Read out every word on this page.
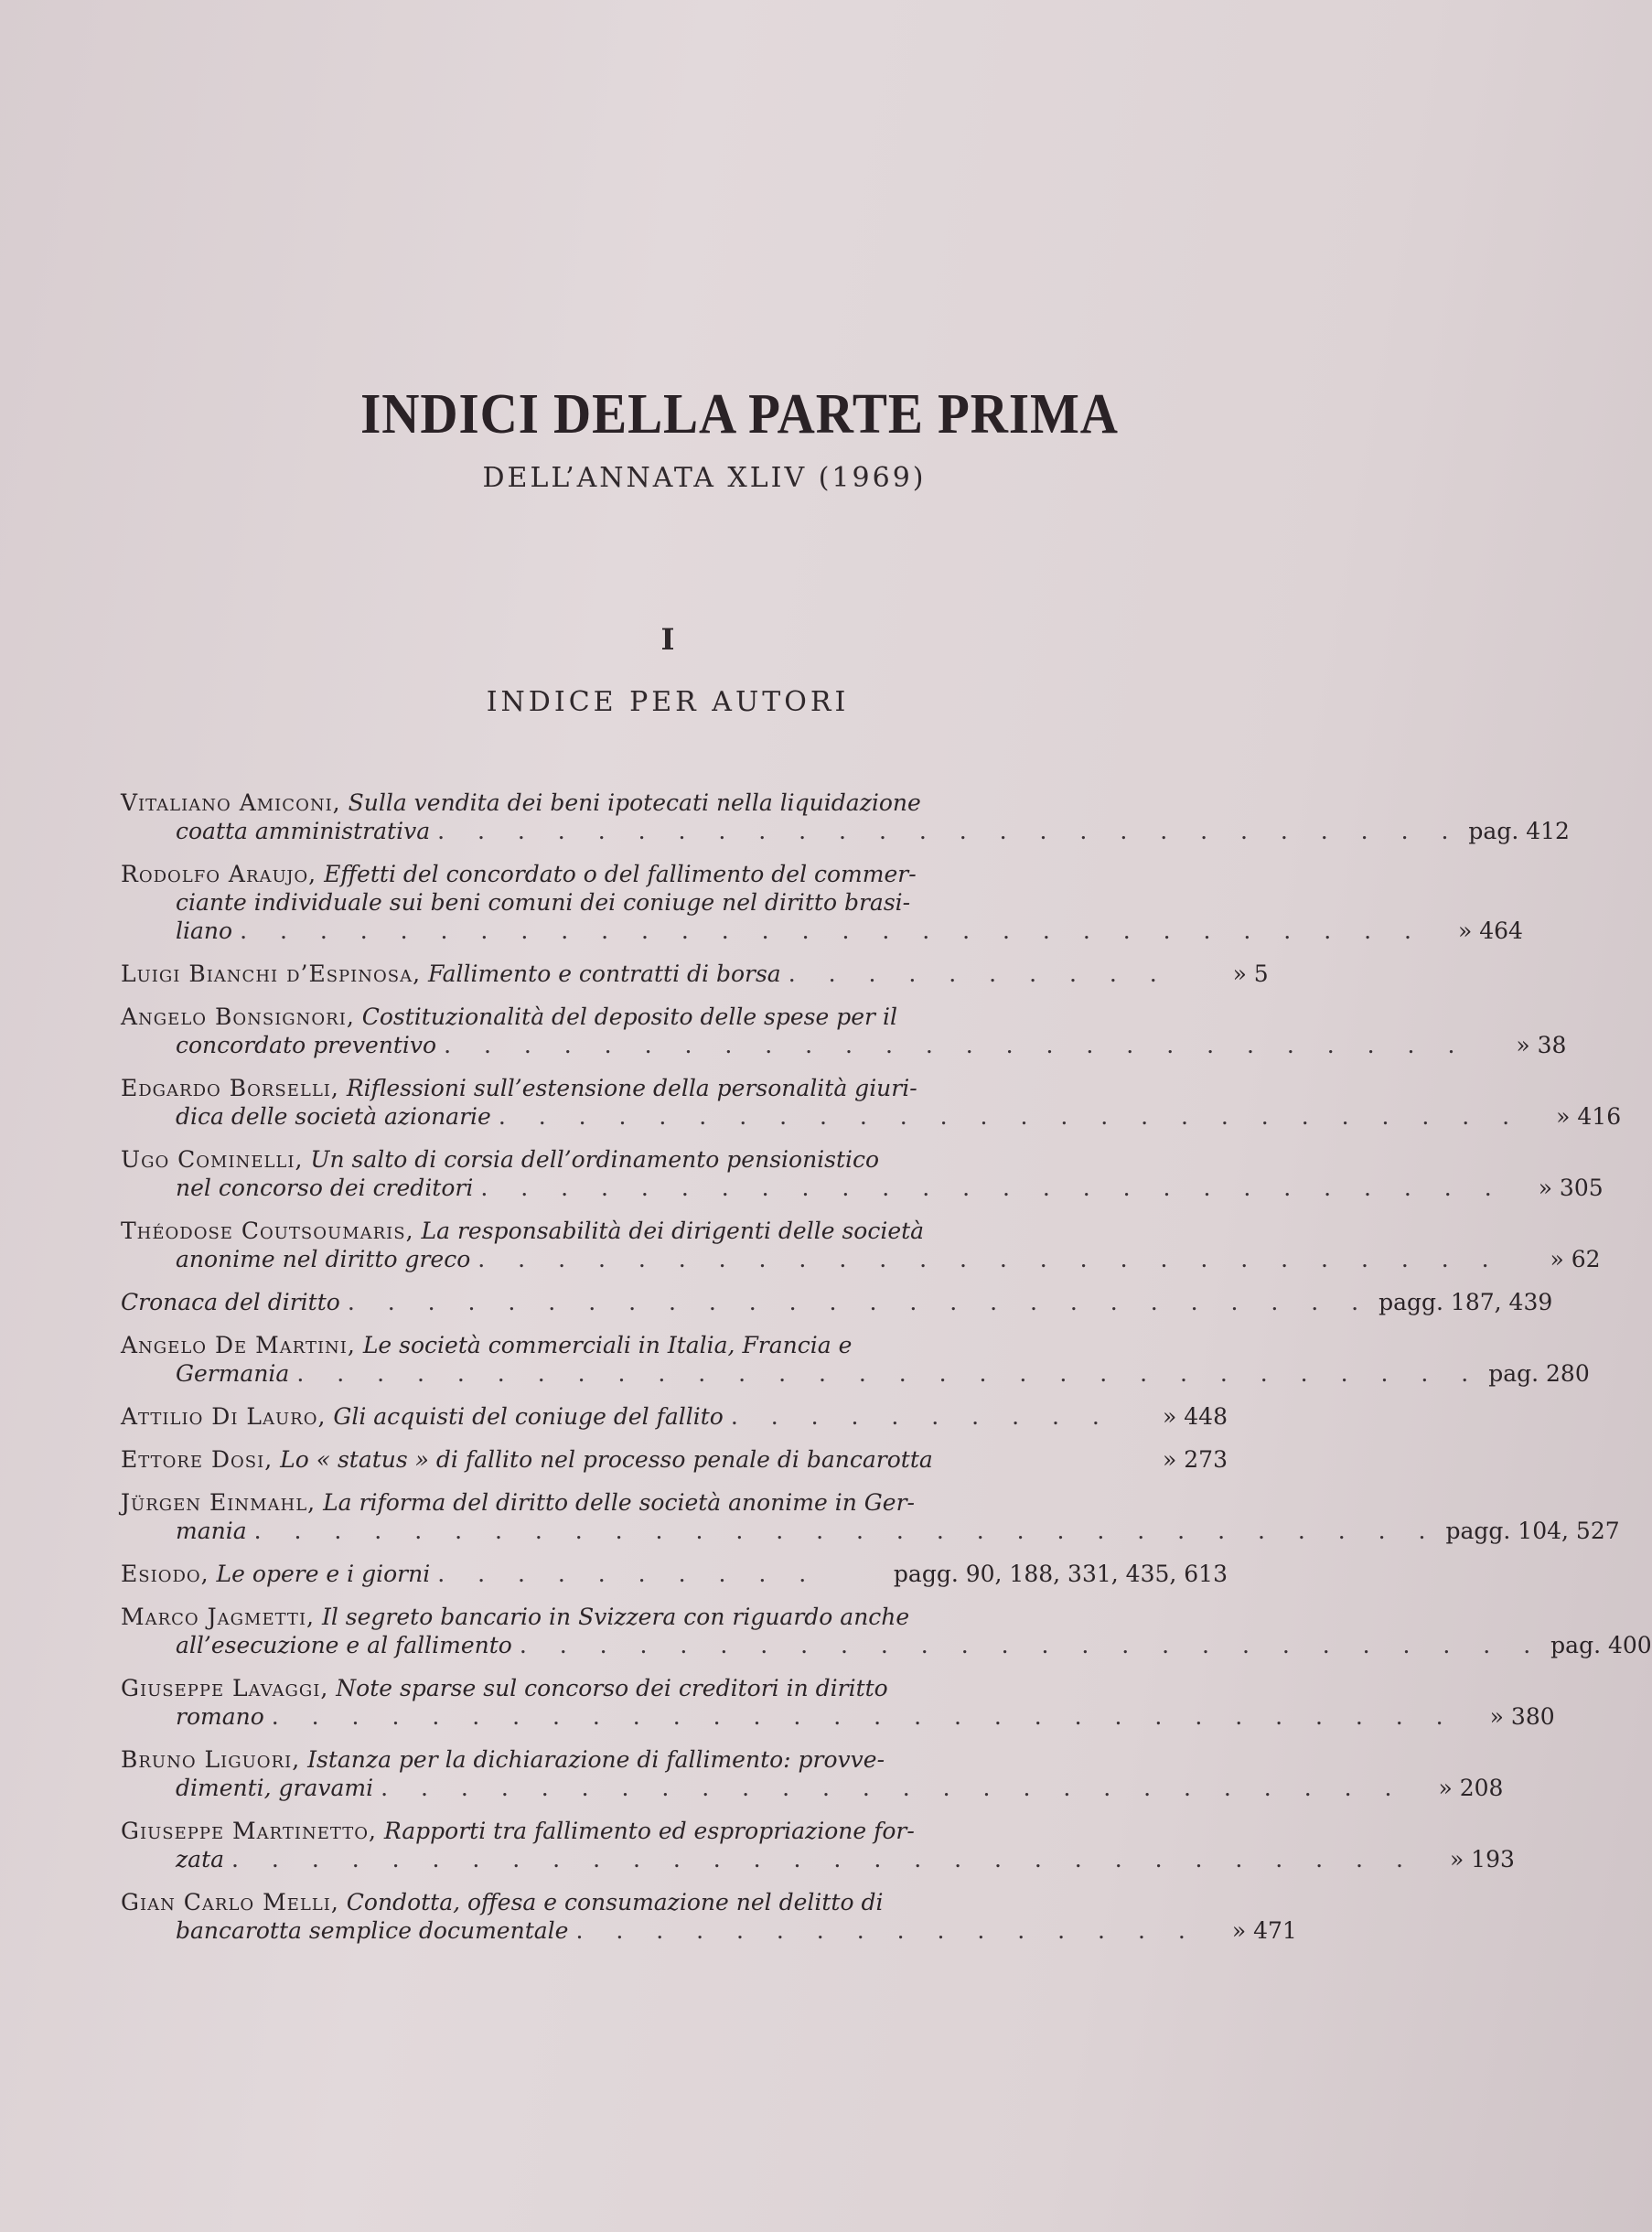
INDICI DELLA PARTE PRIMA
DELL’ANNATA XLIV (1969)
I
INDICE PER AUTORI
Vitaliano Amiconi, Sulla vendita dei beni ipotecati nella liquidazione
coatta amministrativa . . . . . . . . . . . . . . . . . . . . . . . . . . pag. 412
Rodolfo Araujo, Effetti del concordato o del fallimento del commer-
ciante individuale sui beni comuni dei coniuge nel diritto brasi-
liano . . . . . . . . . . . . . . . . . . . . . . . . . . . . . .	» 464
Luigi Bianchi d’Espinosa, Fallimento e contratti di borsa . . . . . . . . . .	» 5
Angelo Bonsignori, Costituzionalità del deposito delle spese per il
concordato preventivo . . . . . . . . . . . . . . . . . . . . . . . . . .	» 38
Edgardo Borselli, Riflessioni sull’estensione della personalità giuri-
dica delle società azionarie . . . . . . . . . . . . . . . . . . . . . . . . . .	» 416
Ugo Cominelli, Un salto di corsia dell’ordinamento pensionistico
nel concorso dei creditori . . . . . . . . . . . . . . . . . . . . . . . . . .	» 305
Théodose Coutsoumaris, La responsabilità dei dirigenti delle società
anonime nel diritto greco . . . . . . . . . . . . . . . . . . . . . . . . . .	» 62
Cronaca del diritto . . . . . . . . . . . . . . . . . . . . . . . . . . pagg. 187, 439
Angelo De Martini, Le società commerciali in Italia, Francia e
Germania . . . . . . . . . . . . . . . . . . . . . . . . . . . . . . pag. 280
Attilio Di Lauro, Gli acquisti del coniuge del fallito . . . . . . . . . .	» 448
Ettore Dosi, Lo « status » di fallito nel processo penale di bancarotta	» 273
Jürgen Einmahl, La riforma del diritto delle società anonime in Ger-
mania . . . . . . . . . . . . . . . . . . . . . . . . . . . . . . pagg. 104, 527
Esiodo, Le opere e i giorni . . . . . . . . . .	pagg. 90, 188, 331, 435, 613
Marco Jagmetti, Il segreto bancario in Svizzera con riguardo anche
all’esecuzione e al fallimento . . . . . . . . . . . . . . . . . . . . . . . . . . pag. 400
Giuseppe Lavaggi, Note sparse sul concorso dei creditori in diritto
romano . . . . . . . . . . . . . . . . . . . . . . . . . . . . . .	» 380
Bruno Liguori, Istanza per la dichiarazione di fallimento: provve-
dimenti, gravami . . . . . . . . . . . . . . . . . . . . . . . . . .	» 208
Giuseppe Martinetto, Rapporti tra fallimento ed espropriazione for-
zata . . . . . . . . . . . . . . . . . . . . . . . . . . . . . .	» 193
Gian Carlo Melli, Condotta, offesa e consumazione nel delitto di
bancarotta semplice documentale . . . . . . . . . . . . . . . .	» 471
